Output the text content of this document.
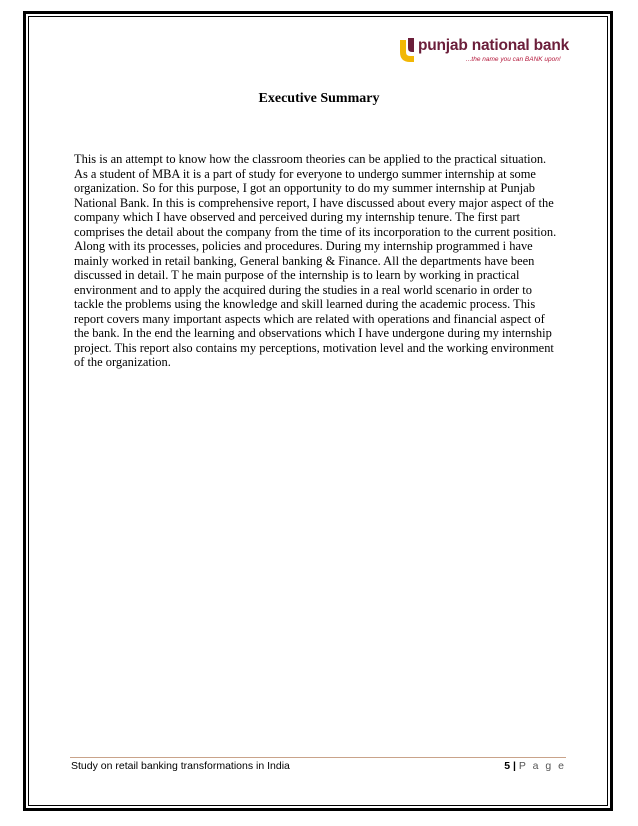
punjab national bank
...the name you can BANK upon!
Executive Summary
This is an attempt to know how the classroom theories can be applied to the practical situation.
As a student of MBA it is a part of study for everyone to undergo summer internship at some
organization. So for this purpose, I got an opportunity to do my summer internship at Punjab
National Bank. In this is comprehensive report, I have discussed about every major aspect of the
company which I have observed and perceived during my internship tenure. The first part
comprises the detail about the company from the time of its incorporation to the current position.
Along with its processes, policies and procedures. During my internship programmed i have
mainly worked in retail banking, General banking & Finance. All the departments have been
discussed in detail. T he main purpose of the internship is to learn by working in practical
environment and to apply the acquired during the studies in a real world scenario in order to
tackle the problems using the knowledge and skill learned during the academic process. This
report covers many important aspects which are related with operations and financial aspect of
the bank. In the end the learning and observations which I have undergone during my internship
project. This report also contains my perceptions, motivation level and the working environment
of the organization.
Study on retail banking transformations in India	5 | P a g e
